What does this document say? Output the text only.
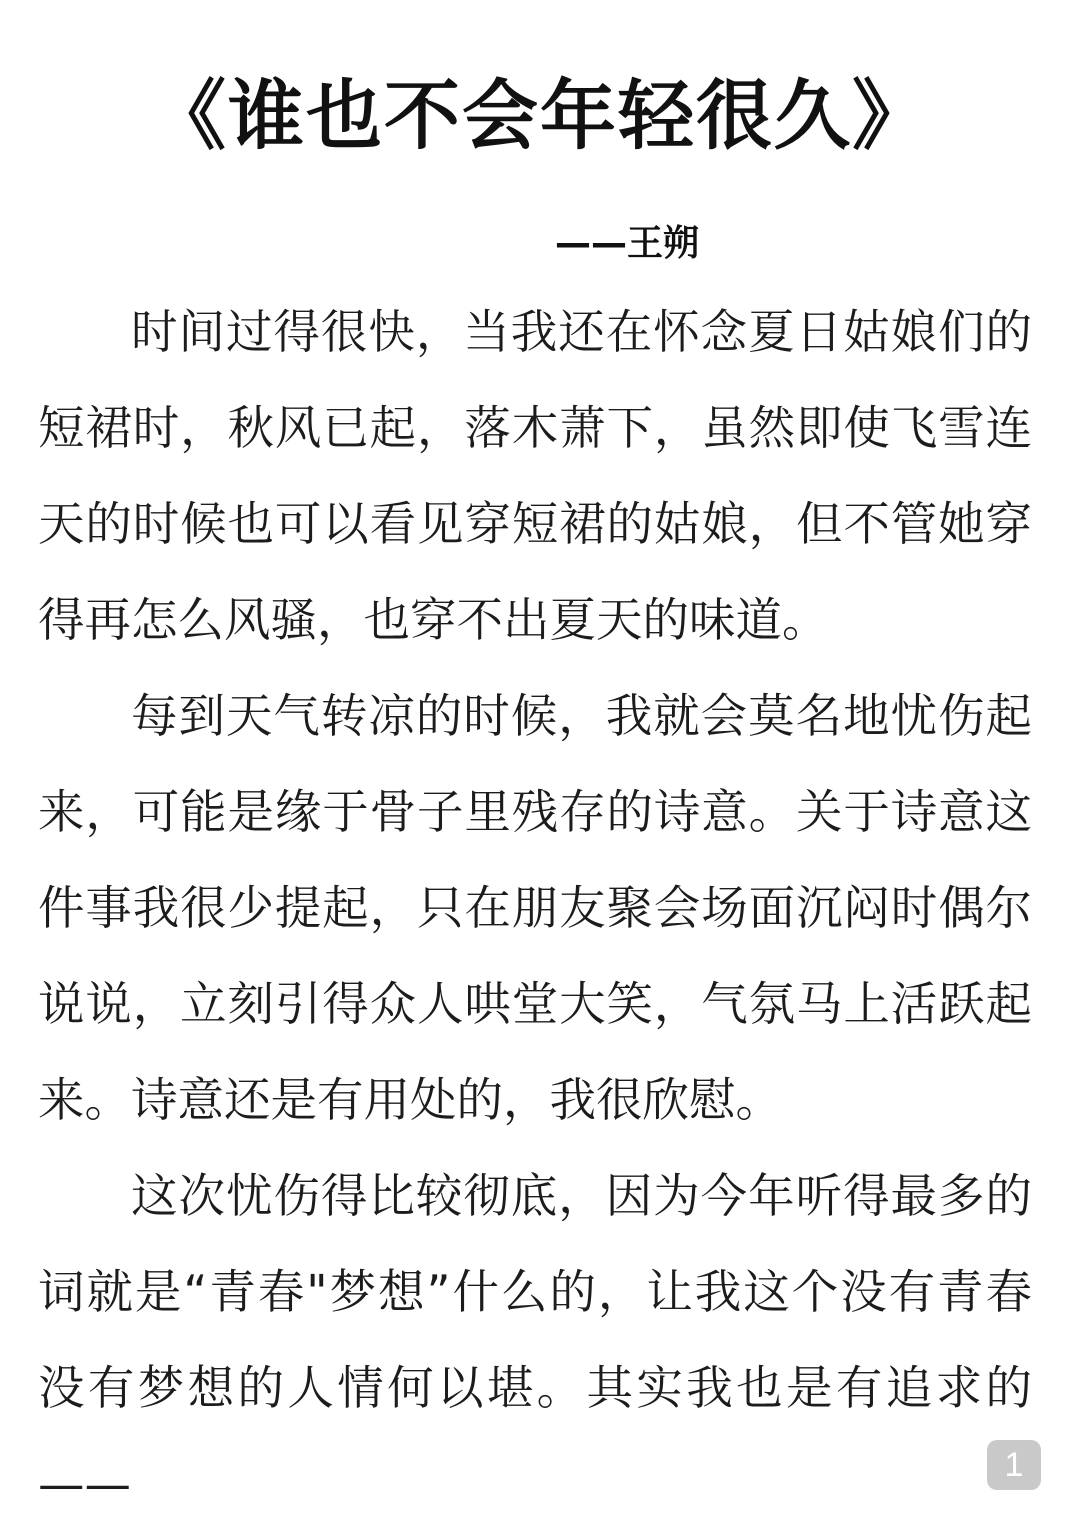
《谁也不会年轻很久》
——王朔

时间过得很快，当我还在怀念夏日姑娘们的短裙时，秋风已起，落木萧下，虽然即使飞雪连天的时候也可以看见穿短裙的姑娘，但不管她穿得再怎么风骚，也穿不出夏天的味道。

每到天气转凉的时候，我就会莫名地忧伤起来，可能是缘于骨子里残存的诗意。关于诗意这件事我很少提起，只在朋友聚会场面沉闷时偶尔说说，立刻引得众人哄堂大笑，气氛马上活跃起来。诗意还是有用处的，我很欣慰。

这次忧伤得比较彻底，因为今年听得最多的词就是“青春"梦想”什么的，让我这个没有青春没有梦想的人情何以堪。其实我也是有追求的——	1
